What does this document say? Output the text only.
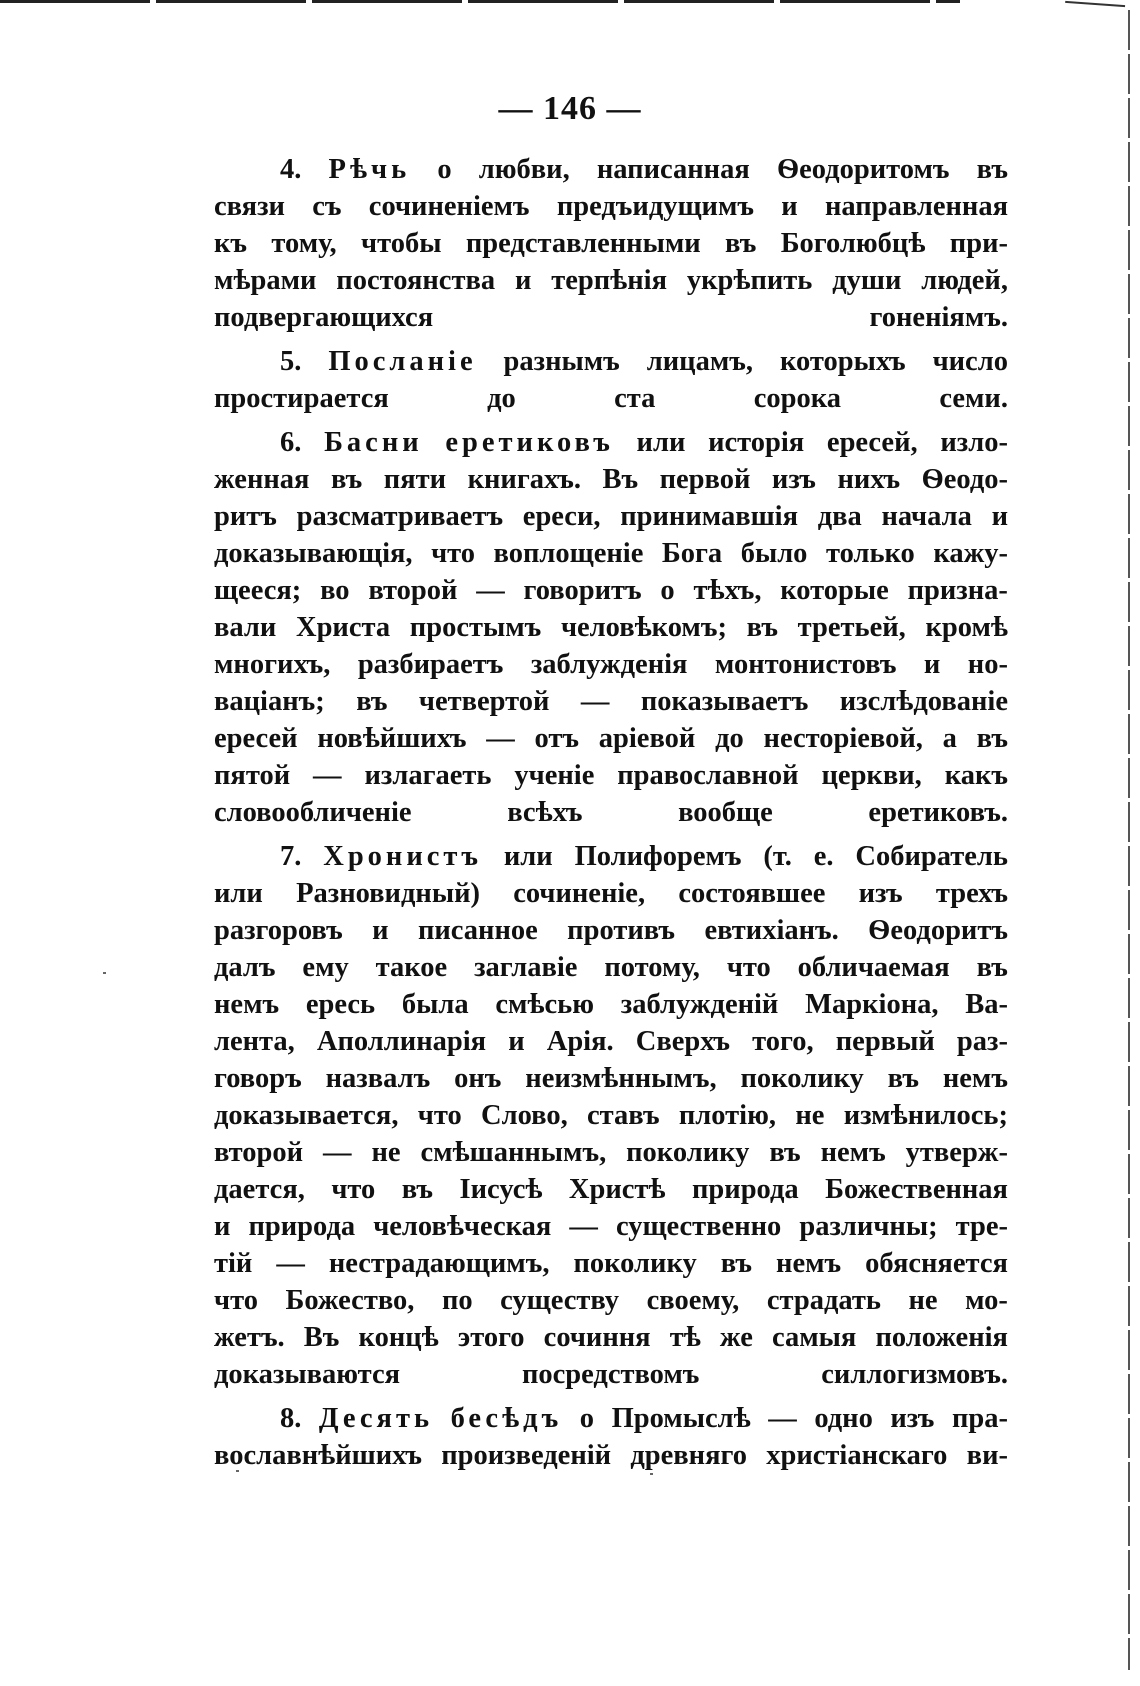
— 146 —
4. Рѣчь о любви, написанная Ѳеодоритомъ въ
связи съ сочиненіемъ предъидущимъ и направленная
къ тому, чтобы представленными въ Боголюбцѣ при-
мѣрами постоянства и терпѣнія укрѣпить души людей,
подвергающихся	гоненіямъ.
5. Посланіе разнымъ лицамъ, которыхъ число
простирается	до	ста	сорока	семи.
6. Басни еретиковъ или исторія ересей, изло-
женная въ пяти книгахъ. Въ первой изъ нихъ Ѳеодо-
ритъ разсматриваетъ ереси, принимавшія два начала и
доказывающія, что воплощеніе Бога было только кажу-
щееся; во второй — говоритъ о тѣхъ, которые призна-
вали Христа простымъ человѣкомъ; въ третьей, кромѣ
многихъ, разбираетъ заблужденія монтонистовъ и но-
ваціанъ; въ четвертой — показываетъ изслѣдованіе
ересей новѣйшихъ — отъ аріевой до несторіевой, а въ
пятой — излагаеть ученіе православной церкви, какъ
словообличеніе	всѣхъ	вообще	еретиковъ.
7. Хронистъ или Полифоремъ (т. е. Собиратель
или Разновидный) сочиненіе, состоявшее изъ трехъ
разгоровъ и писанное противъ евтихіанъ. Ѳеодоритъ
далъ ему такое заглавіе потому, что обличаемая въ
немъ ересь была смѣсью заблужденій Маркіона, Ва-
лента, Аполлинарія и Арія. Сверхъ того, первый раз-
говоръ назвалъ онъ неизмѣннымъ, поколику въ немъ
доказывается, что Слово, ставъ плотію, не измѣнилось;
второй — не смѣшаннымъ, поколику въ немъ утверж-
дается, что въ Іисусѣ Христѣ природа Божественная
и природа человѣческая — существенно различны; тре-
тій — нестрадающимъ, поколику въ немъ обясняется
что Божество, по существу своему, страдать не мо-
жетъ. Въ концѣ этого сочиння тѣ же самыя положенія
доказываются	посредствомъ	силлогизмовъ.
8. Десять бесѣдъ о Промыслѣ — одно изъ пра-
вославнѣйшихъ произведеній древняго христіанскаго ви-
